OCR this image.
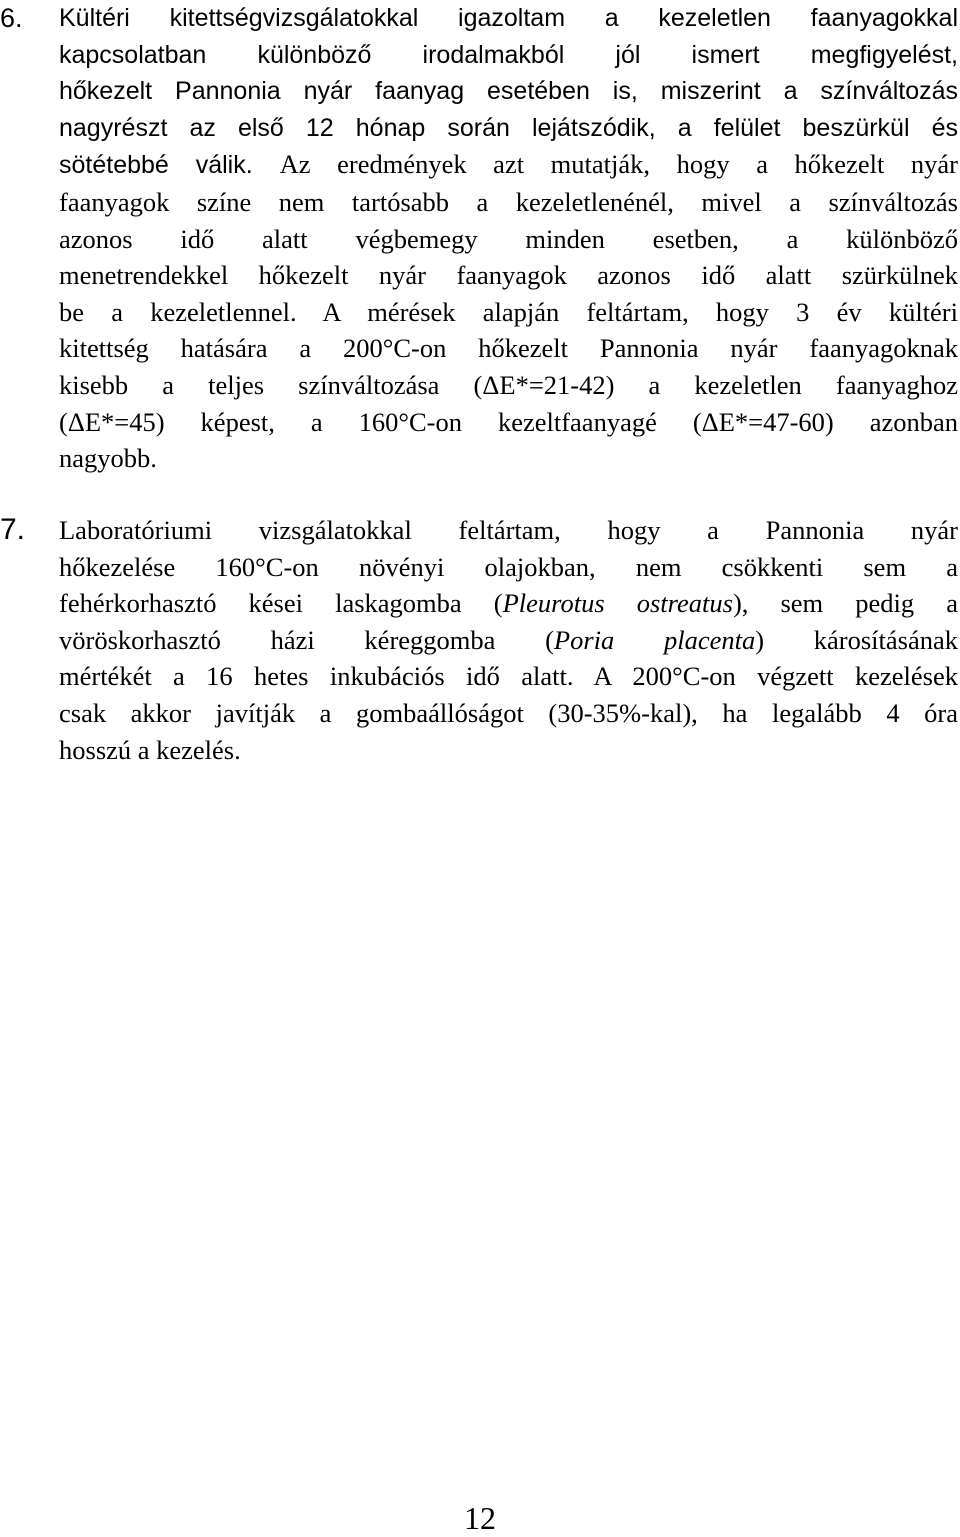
6. Kültéri kitettségvizsgálatokkal igazoltam a kezeletlen faanyagokkal
kapcsolatban különböző irodalmakból jól ismert megfigyelést,
hőkezelt Pannonia nyár faanyag esetében is, miszerint a színváltozás
nagyrészt az első 12 hónap során lejátszódik, a felület beszürkül és
sötétebbé válik. Az eredmények azt mutatják, hogy a hőkezelt nyár
faanyagok színe nem tartósabb a kezeletlenénél, mivel a színváltozás
azonos idő alatt végbemegy minden esetben, a különböző
menetrendekkel hőkezelt nyár faanyagok azonos idő alatt szürkülnek
be a kezeletlennel. A mérések alapján feltártam, hogy 3 év kültéri
kitettség hatására a 200°C-on hőkezelt Pannonia nyár faanyagoknak
kisebb a teljes színváltozása (ΔE*=21-42) a kezeletlen faanyaghoz
(ΔE*=45) képest, a 160°C-on kezeltfaanyagé (ΔE*=47-60) azonban
nagyobb.
7. Laboratóriumi vizsgálatokkal feltártam, hogy a Pannonia nyár
hőkezelése 160°C-on növényi olajokban, nem csökkenti sem a
fehérkorhasztó kései laskagomba (Pleurotus ostreatus), sem pedig a
vöröskorhasztó házi kéreggomba (Poria placenta) károsításának
mértékét a 16 hetes inkubációs idő alatt. A 200°C-on végzett kezelések
csak akkor javítják a gombaállóságot (30-35%-kal), ha legalább 4 óra
hosszú a kezelés.
12
